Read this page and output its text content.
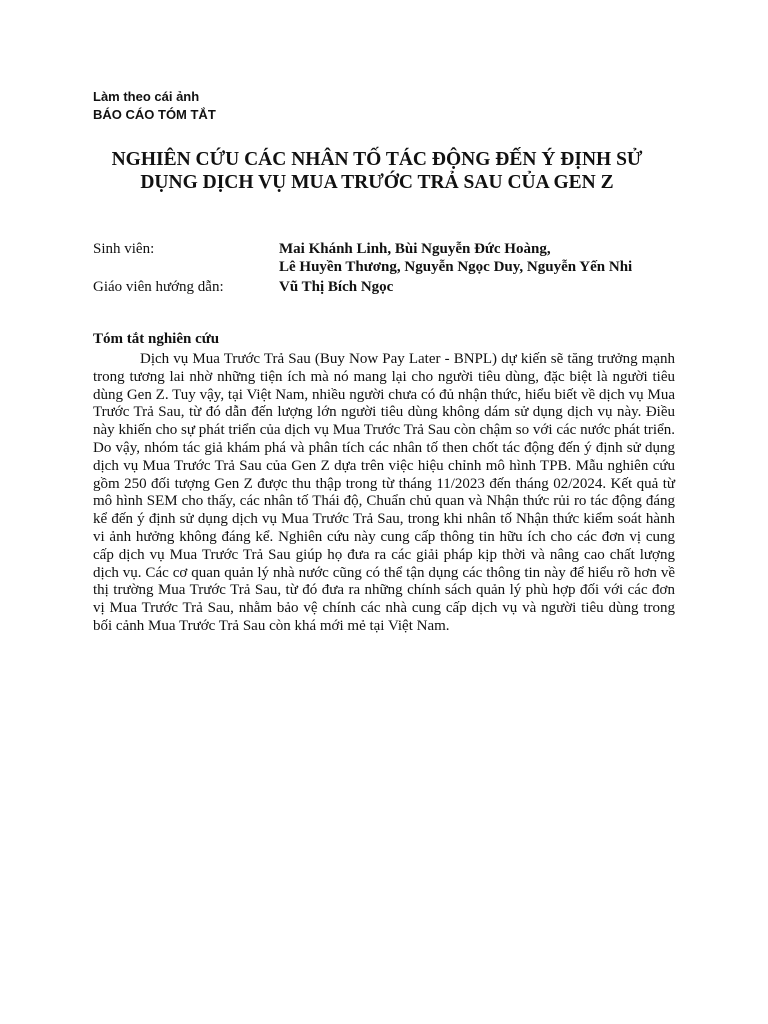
Làm theo cái ảnh
BÁO CÁO TÓM TẮT
NGHIÊN CỨU CÁC NHÂN TỐ TÁC ĐỘNG ĐẾN Ý ĐỊNH SỬ DỤNG DỊCH VỤ MUA TRƯỚC TRẢ SAU CỦA GEN Z
Sinh viên:	Mai Khánh Linh, Bùi Nguyễn Đức Hoàng,
Lê Huyền Thương, Nguyễn Ngọc Duy, Nguyễn Yến Nhi
Giáo viên hướng dẫn:	Vũ Thị Bích Ngọc
Tóm tắt nghiên cứu

Dịch vụ Mua Trước Trả Sau (Buy Now Pay Later - BNPL) dự kiến sẽ tăng trưởng mạnh trong tương lai nhờ những tiện ích mà nó mang lại cho người tiêu dùng, đặc biệt là người tiêu dùng Gen Z. Tuy vậy, tại Việt Nam, nhiều người chưa có đủ nhận thức, hiểu biết về dịch vụ Mua Trước Trả Sau, từ đó dẫn đến lượng lớn người tiêu dùng không dám sử dụng dịch vụ này. Điều này khiến cho sự phát triển của dịch vụ Mua Trước Trả Sau còn chậm so với các nước phát triển. Do vậy, nhóm tác giả khám phá và phân tích các nhân tố then chốt tác động đến ý định sử dụng dịch vụ Mua Trước Trả Sau của Gen Z dựa trên việc hiệu chỉnh mô hình TPB. Mẫu nghiên cứu gồm 250 đối tượng Gen Z được thu thập trong từ tháng 11/2023 đến tháng 02/2024. Kết quả từ mô hình SEM cho thấy, các nhân tố Thái độ, Chuẩn chủ quan và Nhận thức rủi ro tác động đáng kể đến ý định sử dụng dịch vụ Mua Trước Trả Sau, trong khi nhân tố Nhận thức kiểm soát hành vi ảnh hưởng không đáng kể. Nghiên cứu này cung cấp thông tin hữu ích cho các đơn vị cung cấp dịch vụ Mua Trước Trả Sau giúp họ đưa ra các giải pháp kịp thời và nâng cao chất lượng dịch vụ. Các cơ quan quản lý nhà nước cũng có thể tận dụng các thông tin này để hiểu rõ hơn về thị trường Mua Trước Trả Sau, từ đó đưa ra những chính sách quản lý phù hợp đối với các đơn vị Mua Trước Trả Sau, nhằm bảo vệ chính các nhà cung cấp dịch vụ và người tiêu dùng trong bối cảnh Mua Trước Trả Sau còn khá mới mẻ tại Việt Nam.
